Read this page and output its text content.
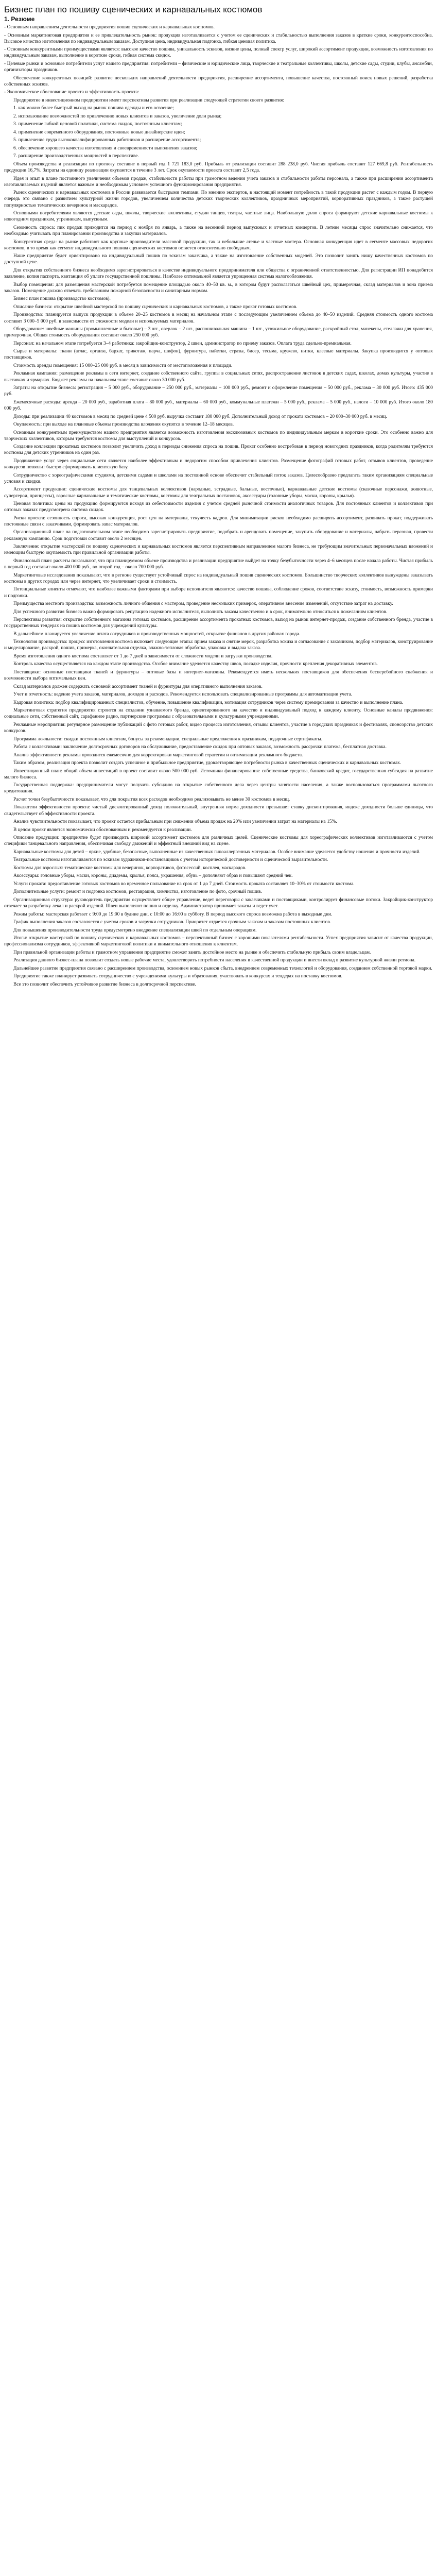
Бизнес план по пошиву сценических и карнавальных костюмов
1. Резюме

- Основным направлением деятельности предприятия пошив сценических и карнавальных костюмов.

- Основным маркетинговая предприятия и ее привлекательность рынок: продукция изготавливается с учетом ее сценических и стабильностью выполнения заказов в краткие сроки, конкурентоспособна. Высокое качество изготовления по индивидуальным заказам. Доступная цена, индивидуальная подгонка, гибкая ценовая политика.

- Основным конкурентными преимуществами является: высокое качество пошива, уникальность эскизов, низкие цены, полный спектр услуг, широкий ассортимент продукции, возможность изготовления по индивидуальным заказам, выполнение в короткие сроки, гибкая система скидок.

- Целевые рынки и основные потребители услуг нашего предприятия: потребители – физические и юридические лица, творческие и театральные коллективы, школы, детские сады, студии, клубы, ансамбли, организаторы праздников.

Обеспечение конкурентных позиций: развитие нескольких направлений деятельности предприятия, расширение ассортимента, повышение качества, постоянный поиск новых решений, разработка собственных эскизов.

- Экономическое обоснование проекта и эффективность проекта:

Предприятие в инвестиционном предприятии имеет перспективы развития при реализации следующей стратегии своего развития:

1. как можно более быстрый выход на рынок пошива одежды и его освоение;

2. использование возможностей по привлечению новых клиентов и заказов, увеличение доли рынка;

3. применение гибкой ценовой политики, система скидок, постоянным клиентам;

4. применение современного оборудования, постоянные новые дизайнерские идеи;

5. привлечение труда высококвалифицированных работников и расширение ассортимента;

6. обеспечение хорошего качества изготовления и своевременности выполнения заказов;

7. расширение производственных мощностей в перспективе.

Объем производства и реализации по прогнозу составит в первый год 1 721 183,0 руб. Прибыль от реализации составит 288 238,0 руб. Чистая прибыль составит 127 669,8 руб. Рентабельность продукции 16,7%. Затраты на единицу реализации окупаются в течение 3 лет. Срок окупаемости проекта составит 2,5 года.

Идея и опыт в плане постоянного увеличения объемов продаж, стабильности работы при грамотном ведении учета заказов и стабильности работы персонала, а также при расширении ассортимента изготавливаемых изделий является важным и необходимым условием успешного функционирования предприятия.

Рынок сценических и карнавальных костюмов в России развивается быстрыми темпами. По мнению экспертов, в настоящий момент потребность в такой продукции растет с каждым годом. В первую очередь это связано с развитием культурной жизни городов, увеличением количества детских творческих коллективов, праздничных мероприятий, корпоративных праздников, а также растущей популярностью тематических вечеринок и маскарадов.

Основными потребителями являются детские сады, школы, творческие коллективы, студии танцев, театры, частные лица. Наибольшую долю спроса формируют детские карнавальные костюмы к новогодним праздникам, утренникам, выпускным.

Сезонность спроса: пик продаж приходится на период с ноября по январь, а также на весенний период выпускных и отчетных концертов. В летние месяцы спрос значительно снижается, что необходимо учитывать при планировании производства и закупки материалов.

Конкурентная среда: на рынке работают как крупные производители массовой продукции, так и небольшие ателье и частные мастера. Основная конкуренция идет в сегменте массовых недорогих костюмов, в то время как сегмент индивидуального пошива сценических костюмов остается относительно свободным.

Наше предприятие будет ориентировано на индивидуальный пошив по эскизам заказчика, а также на изготовление собственных моделей. Это позволит занять нишу качественных костюмов по доступной цене.

Для открытия собственного бизнеса необходимо зарегистрироваться в качестве индивидуального предпринимателя или общества с ограниченной ответственностью. Для регистрации ИП понадобится заявление, копия паспорта, квитанция об уплате государственной пошлины. Наиболее оптимальной является упрощенная система налогообложения.

Выбор помещения: для размещения мастерской потребуется помещение площадью около 40–50 кв. м., в котором будут располагаться швейный цех, примерочная, склад материалов и зона приема заказов. Помещение должно отвечать требованиям пожарной безопасности и санитарным нормам.

Бизнес план пошива (производство костюмов).

Описание бизнеса: открытие швейной мастерской по пошиву сценических и карнавальных костюмов, а также прокат готовых костюмов.

Производство: планируется выпуск продукции в объеме 20–25 костюмов в месяц на начальном этапе с последующим увеличением объема до 40–50 изделий. Средняя стоимость одного костюма составит 3 000–5 000 руб. в зависимости от сложности модели и используемых материалов.

Оборудование: швейные машины (промышленные и бытовые) – 3 шт., оверлок – 2 шт., распошивальная машина – 1 шт., утюжильное оборудование, раскройный стол, манекены, стеллажи для хранения, примерочная. Общая стоимость оборудования составит около 250 000 руб.

Персонал: на начальном этапе потребуется 3–4 работника: закройщик-конструктор, 2 швеи, администратор по приему заказов. Оплата труда сдельно-премиальная.

Сырье и материалы: ткани (атлас, органза, бархат, трикотаж, парча, шифон), фурнитура, пайетки, стразы, бисер, тесьма, кружево, нитки, клеевые материалы. Закупка производится у оптовых поставщиков.

Стоимость аренды помещения: 15 000–25 000 руб. в месяц в зависимости от местоположения и площади.

Рекламная кампания: размещение рекламы в сети интернет, создание собственного сайта, группы в социальных сетях, распространение листовок в детских садах, школах, домах культуры, участие в выставках и ярмарках. Бюджет рекламы на начальном этапе составит около 30 000 руб.

Затраты на открытие бизнеса: регистрация – 5 000 руб., оборудование – 250 000 руб., материалы – 100 000 руб., ремонт и оформление помещения – 50 000 руб., реклама – 30 000 руб. Итого: 435 000 руб.

Ежемесячные расходы: аренда – 20 000 руб., заработная плата – 80 000 руб., материалы – 60 000 руб., коммунальные платежи – 5 000 руб., реклама – 5 000 руб., налоги – 10 000 руб. Итого около 180 000 руб.

Доходы: при реализации 40 костюмов в месяц по средней цене 4 500 руб. выручка составит 180 000 руб. Дополнительный доход от проката костюмов – 20 000–30 000 руб. в месяц.

Окупаемость: при выходе на плановые объемы производства вложения окупятся в течение 12–18 месяцев.

Основным конкурентным преимуществом нашего предприятия является возможность изготовления эксклюзивных костюмов по индивидуальным меркам в короткие сроки. Это особенно важно для творческих коллективов, которым требуются костюмы для выступлений и конкурсов.

Создание коллекции прокатных костюмов позволит увеличить доход в периоды снижения спроса на пошив. Прокат особенно востребован в период новогодних праздников, когда родителям требуются костюмы для детских утренников на один раз.

Продвижение услуг через социальные сети является наиболее эффективным и недорогим способом привлечения клиентов. Размещение фотографий готовых работ, отзывов клиентов, проведение конкурсов позволит быстро сформировать клиентскую базу.

Сотрудничество с хореографическими студиями, детскими садами и школами на постоянной основе обеспечит стабильный поток заказов. Целесообразно предлагать таким организациям специальные условия и скидки.

Ассортимент продукции: сценические костюмы для танцевальных коллективов (народные, эстрадные, бальные, восточные), карнавальные детские костюмы (сказочные персонажи, животные, супергерои, принцессы), взрослые карнавальные и тематические костюмы, костюмы для театральных постановок, аксессуары (головные уборы, маски, короны, крылья).

Ценовая политика: цены на продукцию формируются исходя из себестоимости изделия с учетом средней рыночной стоимости аналогичных товаров. Для постоянных клиентов и коллективов при оптовых заказах предусмотрена система скидок.

Риски проекта: сезонность спроса, высокая конкуренция, рост цен на материалы, текучесть кадров. Для минимизации рисков необходимо расширять ассортимент, развивать прокат, поддерживать постоянные связи с заказчиками, формировать запас материалов.

Организационный план: на подготовительном этапе необходимо зарегистрировать предприятие, подобрать и арендовать помещение, закупить оборудование и материалы, набрать персонал, провести рекламную кампанию. Срок подготовки составит около 2 месяцев.

Заключение: открытие мастерской по пошиву сценических и карнавальных костюмов является перспективным направлением малого бизнеса, не требующим значительных первоначальных вложений и имеющим быструю окупаемость при правильной организации работы.

Финансовый план: расчеты показывают, что при планируемом объеме производства и реализации предприятие выйдет на точку безубыточности через 4–6 месяцев после начала работы. Чистая прибыль в первый год составит около 400 000 руб., во второй год – около 700 000 руб.

Маркетинговые исследования показывают, что в регионе существует устойчивый спрос на индивидуальный пошив сценических костюмов. Большинство творческих коллективов вынуждены заказывать костюмы в других городах или через интернет, что увеличивает сроки и стоимость.

Потенциальные клиенты отмечают, что наиболее важными факторами при выборе исполнителя являются: качество пошива, соблюдение сроков, соответствие эскизу, стоимость, возможность примерки и подгонки.

Преимущества местного производства: возможность личного общения с мастером, проведение нескольких примерок, оперативное внесение изменений, отсутствие затрат на доставку.

Для успешного развития бизнеса важно формировать репутацию надежного исполнителя, выполнять заказы качественно и в срок, внимательно относиться к пожеланиям клиентов.

Перспективы развития: открытие собственного магазина готовых костюмов, расширение ассортимента прокатных костюмов, выход на рынок интернет-продаж, создание собственного бренда, участие в государственных тендерах на пошив костюмов для учреждений культуры.

В дальнейшем планируется увеличение штата сотрудников и производственных мощностей, открытие филиалов в других районах города.

Технология производства: процесс изготовления костюма включает следующие этапы: прием заказа и снятие мерок, разработка эскиза и согласование с заказчиком, подбор материалов, конструирование и моделирование, раскрой, пошив, примерка, окончательная отделка, влажно-тепловая обработка, упаковка и выдача заказа.

Время изготовления одного костюма составляет от 1 до 7 дней в зависимости от сложности модели и загрузки производства.

Контроль качества осуществляется на каждом этапе производства. Особое внимание уделяется качеству швов, посадке изделия, прочности крепления декоративных элементов.

Поставщики: основные поставщики тканей и фурнитуры – оптовые базы и интернет-магазины. Рекомендуется иметь нескольких поставщиков для обеспечения бесперебойного снабжения и возможности выбора оптимальных цен.

Склад материалов должен содержать основной ассортимент тканей и фурнитуры для оперативного выполнения заказов.

Учет и отчетность: ведение учета заказов, материалов, доходов и расходов. Рекомендуется использовать специализированные программы для автоматизации учета.

Кадровая политика: подбор квалифицированных специалистов, обучение, повышение квалификации, мотивация сотрудников через систему премирования за качество и выполнение плана.

Маркетинговая стратегия предприятия строится на создании узнаваемого бренда, ориентированного на качество и индивидуальный подход к каждому клиенту. Основные каналы продвижения: социальные сети, собственный сайт, сарафанное радио, партнерские программы с образовательными и культурными учреждениями.

Рекламные мероприятия: регулярное размещение публикаций с фото готовых работ, видео процесса изготовления, отзывы клиентов, участие в городских праздниках и фестивалях, спонсорство детских конкурсов.

Программа лояльности: скидки постоянным клиентам, бонусы за рекомендации, специальные предложения к праздникам, подарочные сертификаты.

Работа с коллективами: заключение долгосрочных договоров на обслуживание, предоставление скидок при оптовых заказах, возможность рассрочки платежа, бесплатная доставка.

Анализ эффективности рекламы проводится ежемесячно для корректировки маркетинговой стратегии и оптимизации рекламного бюджета.

Таким образом, реализация проекта позволит создать успешное и прибыльное предприятие, удовлетворяющее потребности рынка в качественных сценических и карнавальных костюмах.

Инвестиционный план: общий объем инвестиций в проект составит около 500 000 руб. Источники финансирования: собственные средства, банковский кредит, государственная субсидия на развитие малого бизнеса.

Государственная поддержка: предприниматели могут получить субсидию на открытие собственного дела через центры занятости населения, а также воспользоваться программами льготного кредитования.

Расчет точки безубыточности показывает, что для покрытия всех расходов необходимо реализовывать не менее 30 костюмов в месяц.

Показатели эффективности проекта: чистый дисконтированный доход положительный, внутренняя норма доходности превышает ставку дисконтирования, индекс доходности больше единицы, что свидетельствует об эффективности проекта.

Анализ чувствительности показывает, что проект остается прибыльным при снижении объема продаж на 20% или увеличении затрат на материалы на 15%.

В целом проект является экономически обоснованным и рекомендуется к реализации.

Описание продукции: предприятие будет производить широкий ассортимент костюмов для различных целей. Сценические костюмы для хореографических коллективов изготавливаются с учетом специфики танцевального направления, обеспечивая свободу движений и эффектный внешний вид на сцене.

Карнавальные костюмы для детей – яркие, удобные, безопасные, выполненные из качественных гипоаллергенных материалов. Особое внимание уделяется удобству ношения и прочности изделий.

Театральные костюмы изготавливаются по эскизам художников-постановщиков с учетом исторической достоверности и сценической выразительности.

Костюмы для взрослых: тематические костюмы для вечеринок, корпоративов, фотосессий, косплея, маскарадов.

Аксессуары: головные уборы, маски, короны, диадемы, крылья, пояса, украшения, обувь – дополняют образ и повышают средний чек.

Услуги проката: предоставление готовых костюмов во временное пользование на срок от 1 до 7 дней. Стоимость проката составляет 10–30% от стоимости костюма.

Дополнительные услуги: ремонт и подгонка костюмов, реставрация, химчистка, изготовление по фото, срочный пошив.

Организационная структура: руководитель предприятия осуществляет общее управление, ведет переговоры с заказчиками и поставщиками, контролирует финансовые потоки. Закройщик-конструктор отвечает за разработку лекал и раскрой изделий. Швеи выполняют пошив и отделку. Администратор принимает заказы и ведет учет.

Режим работы: мастерская работает с 9:00 до 19:00 в будние дни, с 10:00 до 16:00 в субботу. В период высокого спроса возможна работа в выходные дни.

График выполнения заказов составляется с учетом сроков и загрузки сотрудников. Приоритет отдается срочным заказам и заказам постоянных клиентов.

Для повышения производительности труда предусмотрено внедрение специализации швей по отдельным операциям.

Итоги: открытие мастерской по пошиву сценических и карнавальных костюмов – перспективный бизнес с хорошими показателями рентабельности. Успех предприятия зависит от качества продукции, профессионализма сотрудников, эффективной маркетинговой политики и внимательного отношения к клиентам.

При правильной организации работы и грамотном управлении предприятие сможет занять достойное место на рынке и обеспечить стабильную прибыль своим владельцам.

Реализация данного бизнес-плана позволит создать новые рабочие места, удовлетворить потребности населения в качественной продукции и внести вклад в развитие культурной жизни региона.

Дальнейшее развитие предприятия связано с расширением производства, освоением новых рынков сбыта, внедрением современных технологий и оборудования, созданием собственной торговой марки.

Предприятие также планирует развивать сотрудничество с учреждениями культуры и образования, участвовать в конкурсах и тендерах на поставку костюмов.

Все это позволит обеспечить устойчивое развитие бизнеса в долгосрочной перспективе.
